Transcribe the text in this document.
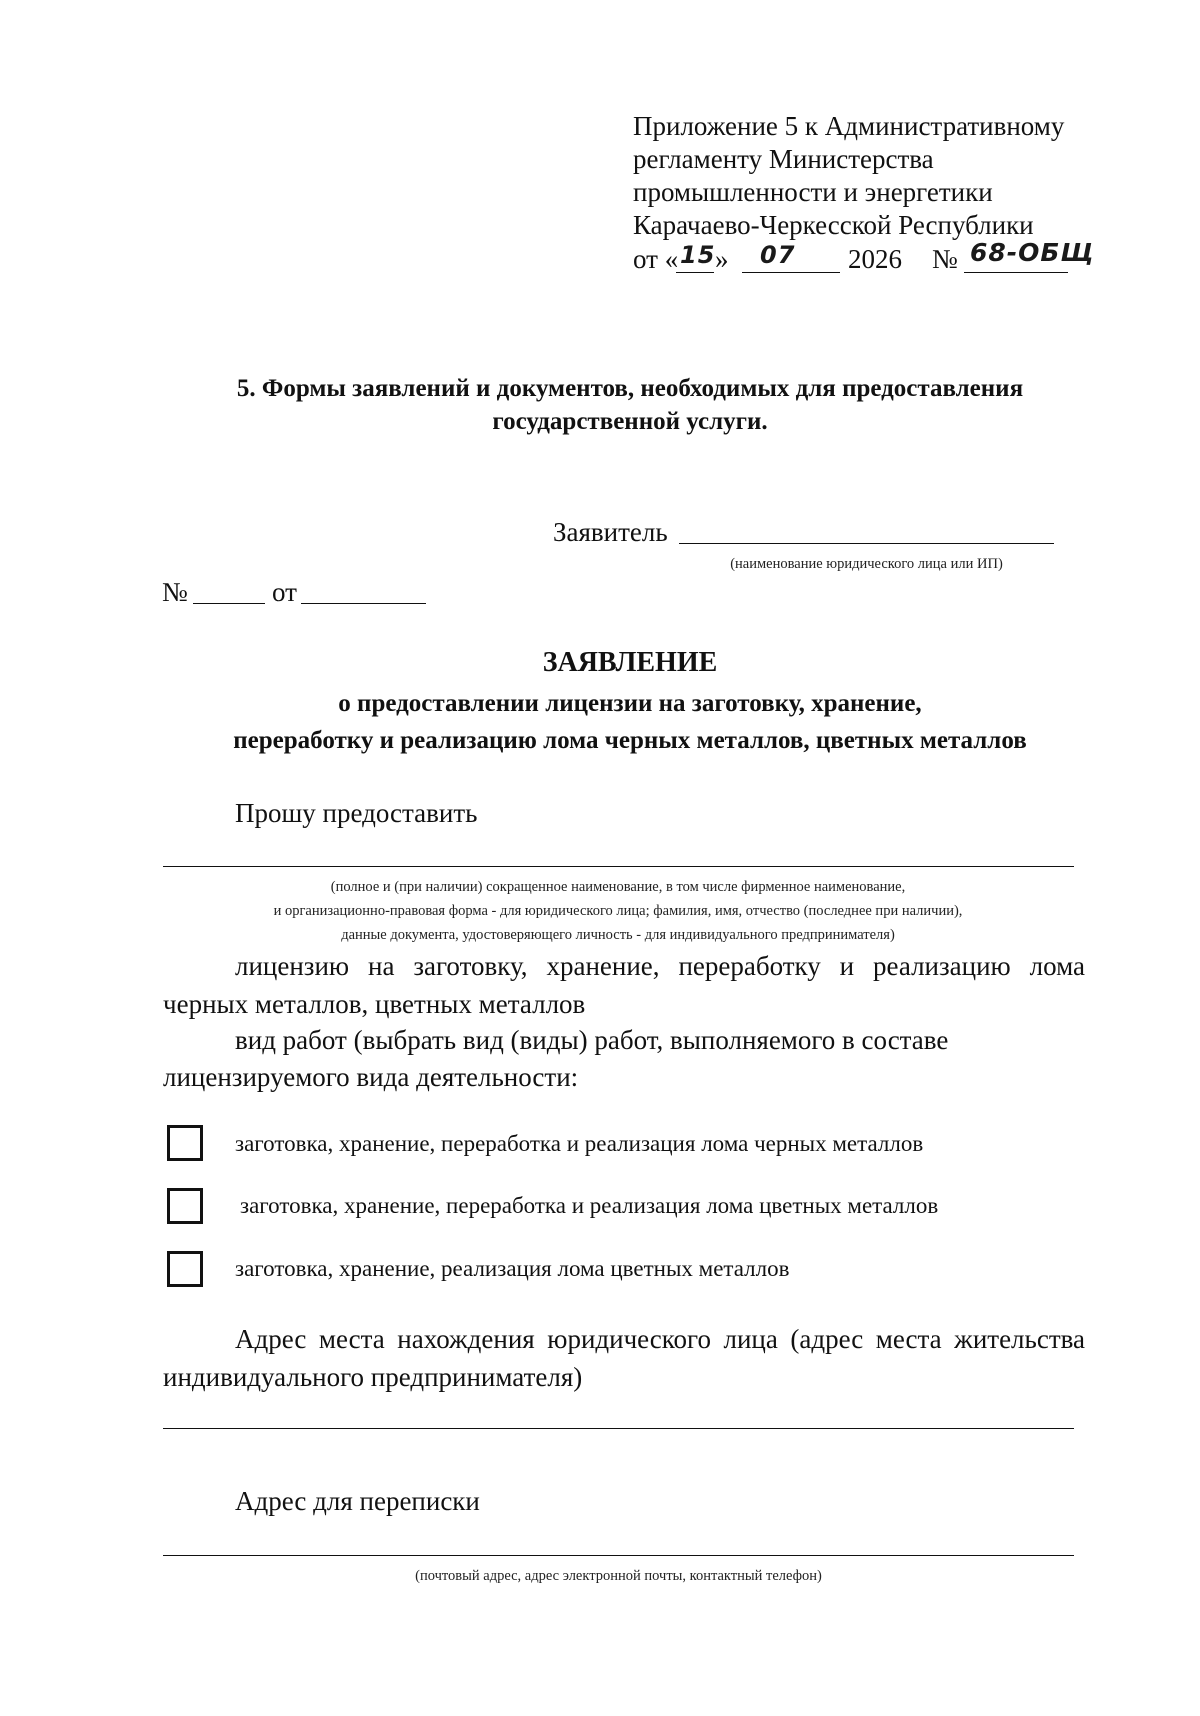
Приложение 5 к Административному
регламенту Министерства
промышленности и энергетики
Карачаево-Черкесской Республики
от « 15 » 07 2026 № 68-ОБЩ
5. Формы заявлений и документов, необходимых для предоставления
государственной услуги.
Заявитель
(наименование юридического лица или ИП)
№	от
ЗАЯВЛЕНИЕ
о предоставлении лицензии на заготовку, хранение,
переработку и реализацию лома черных металлов, цветных металлов
Прошу предоставить
(полное и (при наличии) сокращенное наименование, в том числе фирменное наименование,
и организационно-правовая форма - для юридического лица; фамилия, имя, отчество (последнее при наличии),
данные документа, удостоверяющего личность - для индивидуального предпринимателя)
лицензию на заготовку, хранение, переработку и реализацию лома
черных металлов, цветных металлов
вид работ (выбрать вид (виды) работ, выполняемого в составе
лицензируемого вида деятельности:
заготовка, хранение, переработка и реализация лома черных металлов
заготовка, хранение, переработка и реализация лома цветных металлов
заготовка, хранение, реализация лома цветных металлов
Адрес места нахождения юридического лица (адрес места жительства
индивидуального предпринимателя)
Адрес для переписки
(почтовый адрес, адрес электронной почты, контактный телефон)
